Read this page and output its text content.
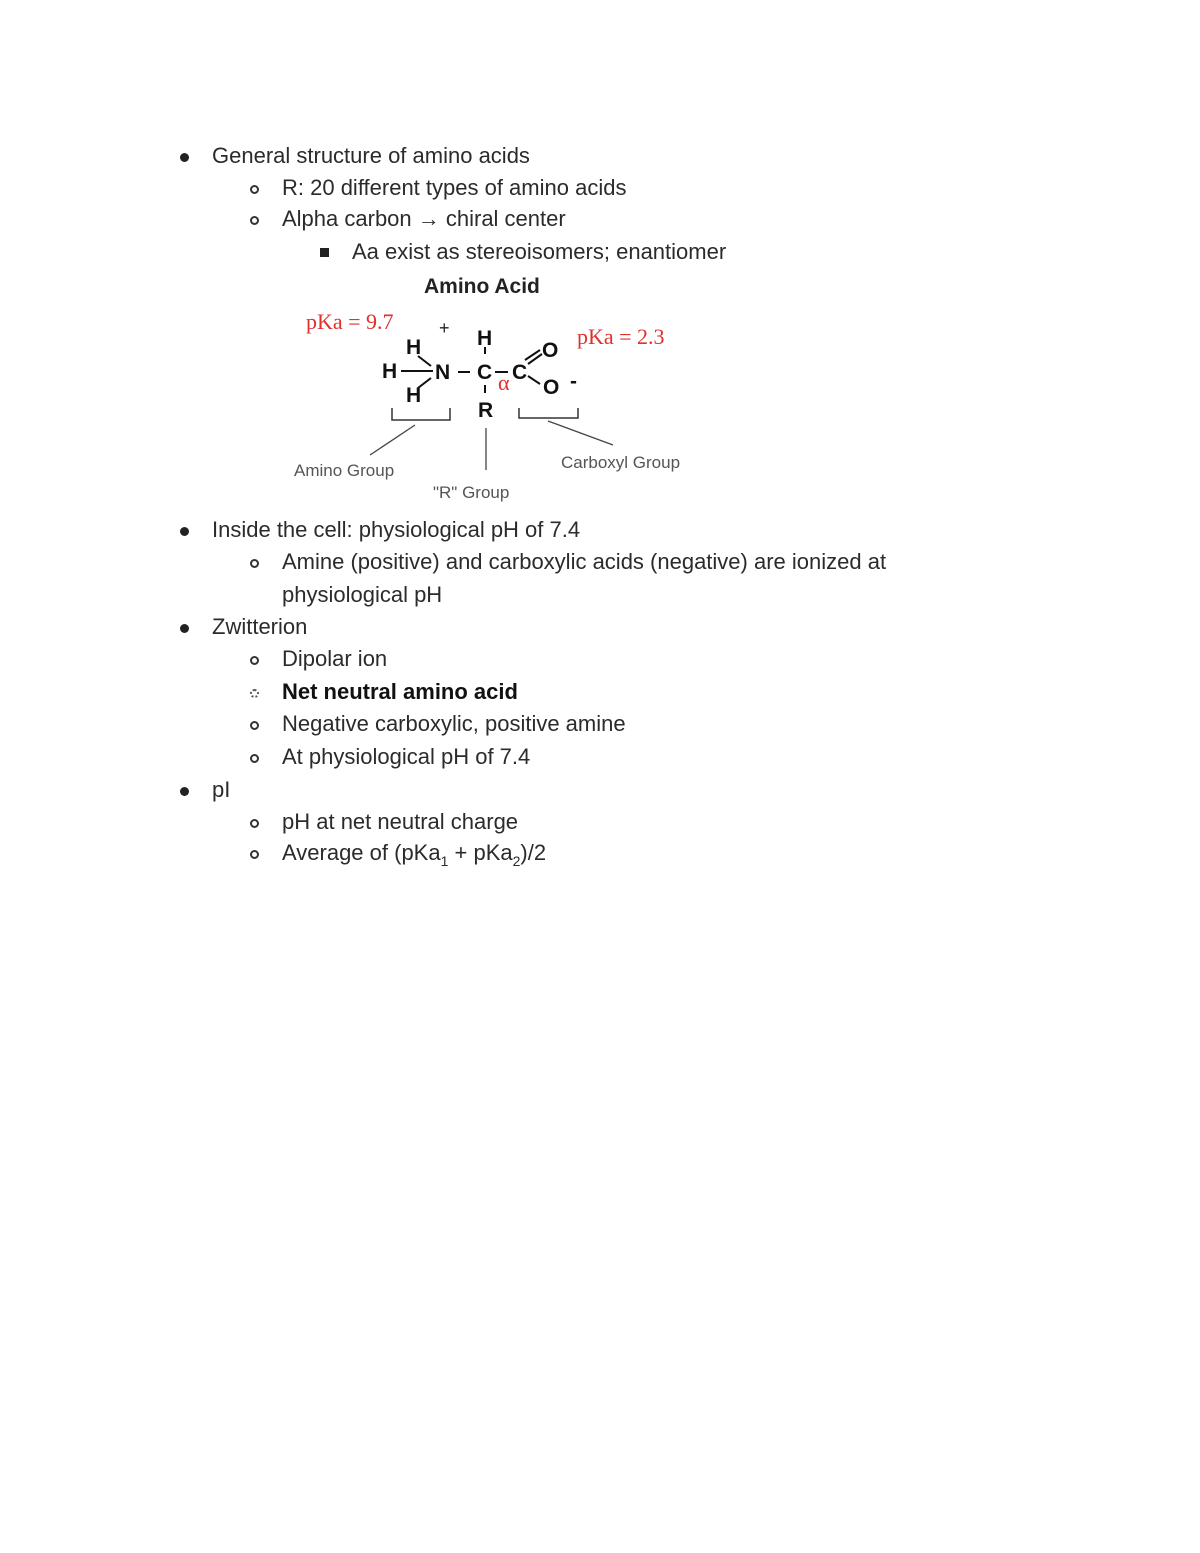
General structure of amino acids
R: 20 different types of amino acids
Alpha carbon → chiral center
Aa exist as stereoisomers; enantiomer
Amino Acid
pKa = 9.7
pKa = 2.3
+
H
H
H
N
H
C C
O
O -
R
α
Amino Group
"R" Group
Carboxyl Group
Inside the cell: physiological pH of 7.4
Amine (positive) and carboxylic acids (negative) are ionized at
physiological pH
Zwitterion
Dipolar ion
Net neutral amino acid
Negative carboxylic, positive amine
At physiological pH of 7.4
pI
pH at net neutral charge
Average of (pKa$_1$ + pKa$_2$)/2
